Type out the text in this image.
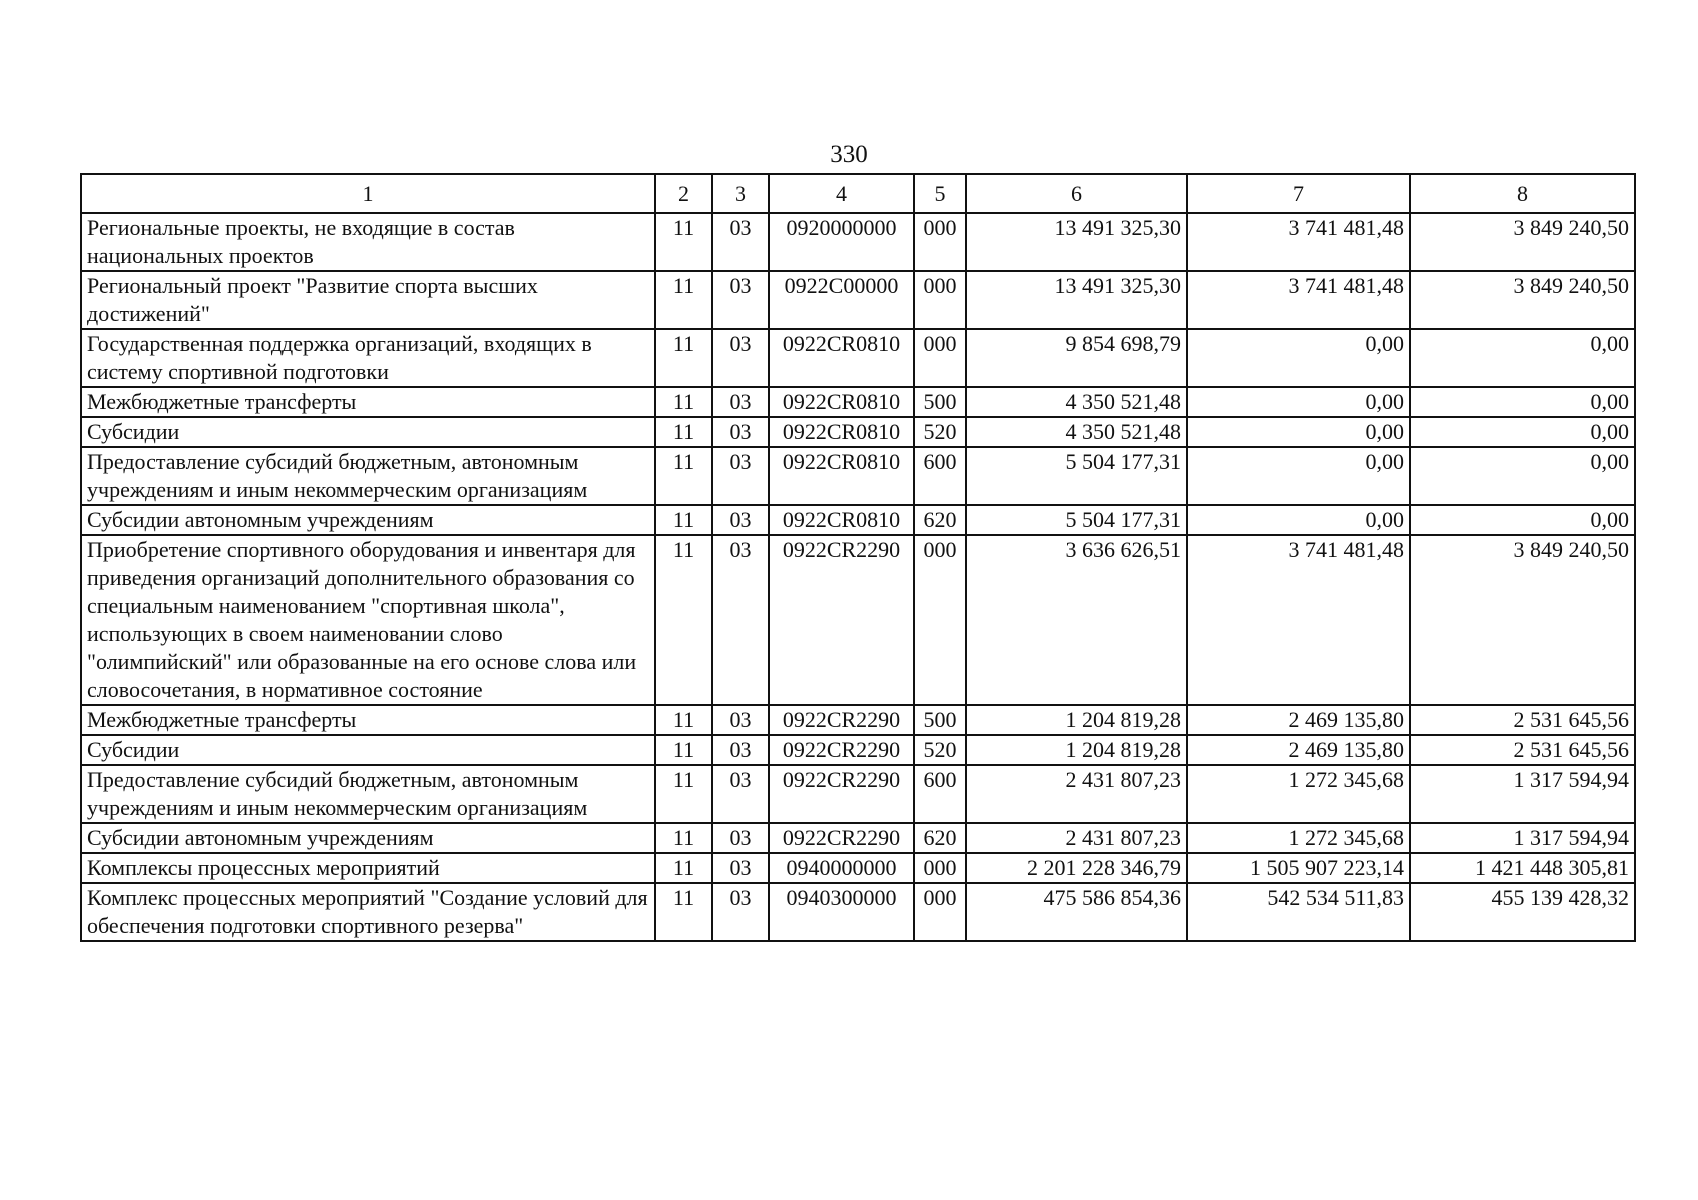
330
1	2	3	4	5	6	7	8
Региональные проекты, не входящие в состав национальных проектов	11	03	0920000000	000	13 491 325,30	3 741 481,48	3 849 240,50
Региональный проект "Развитие спорта высших достижений"	11	03	0922С00000	000	13 491 325,30	3 741 481,48	3 849 240,50
Государственная поддержка организаций, входящих в систему спортивной подготовки	11	03	0922СR0810	000	9 854 698,79	0,00	0,00
Межбюджетные трансферты	11	03	0922СR0810	500	4 350 521,48	0,00	0,00
Субсидии	11	03	0922СR0810	520	4 350 521,48	0,00	0,00
Предоставление субсидий бюджетным, автономным учреждениям и иным некоммерческим организациям	11	03	0922СR0810	600	5 504 177,31	0,00	0,00
Субсидии автономным учреждениям	11	03	0922СR0810	620	5 504 177,31	0,00	0,00
Приобретение спортивного оборудования и инвентаря для приведения организаций дополнительного образования со специальным наименованием "спортивная школа", использующих в своем наименовании слово "олимпийский" или образованные на его основе слова или словосочетания, в нормативное состояние	11	03	0922СR2290	000	3 636 626,51	3 741 481,48	3 849 240,50
Межбюджетные трансферты	11	03	0922СR2290	500	1 204 819,28	2 469 135,80	2 531 645,56
Субсидии	11	03	0922СR2290	520	1 204 819,28	2 469 135,80	2 531 645,56
Предоставление субсидий бюджетным, автономным учреждениям и иным некоммерческим организациям	11	03	0922СR2290	600	2 431 807,23	1 272 345,68	1 317 594,94
Субсидии автономным учреждениям	11	03	0922СR2290	620	2 431 807,23	1 272 345,68	1 317 594,94
Комплексы процессных мероприятий	11	03	0940000000	000	2 201 228 346,79	1 505 907 223,14	1 421 448 305,81
Комплекс процессных мероприятий "Создание условий для обеспечения подготовки спортивного резерва"	11	03	0940300000	000	475 586 854,36	542 534 511,83	455 139 428,32
